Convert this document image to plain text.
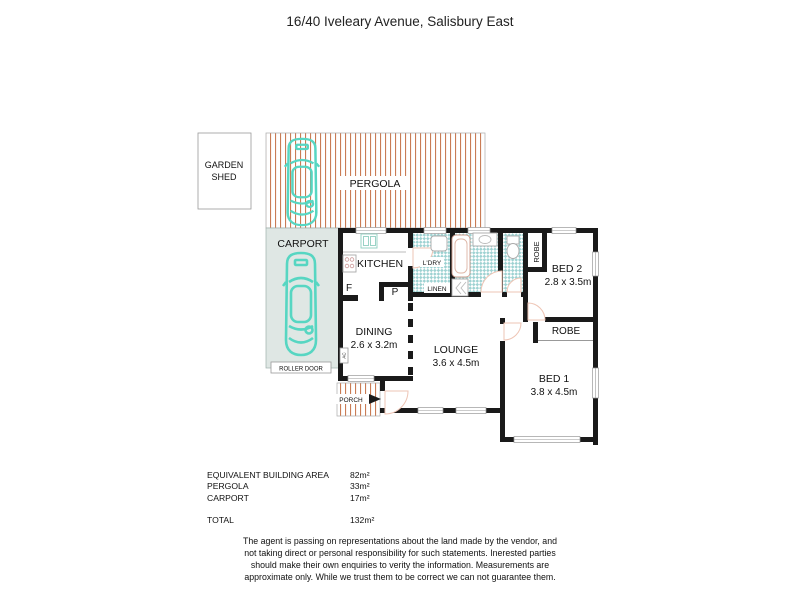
16/40 Iveleary Avenue, Salisbury East
GARDEN
SHED
PERGOLA
CARPORT
ROLLER DOOR
PORCH
AC
KITCHEN
F	P
L'DRY
LINEN
ROBE
BED 2
2.8 x 3.5m
ROBE
DINING
2.6 x 3.2m	LOUNGE
3.6 x 4.5m
BED 1
3.8 x 4.5m
EQUIVALENT BUILDING AREA 82m²
PERGOLA	33m²
CARPORT	17m²
TOTAL	132m²
The agent is passing on representations about the land made by the vendor, and
not taking direct or personal responsibility for such statements. Inerested parties
should make their own enquiries to verity the information. Measurements are
approximate only. While we trust them to be correct we can not guarantee them.
